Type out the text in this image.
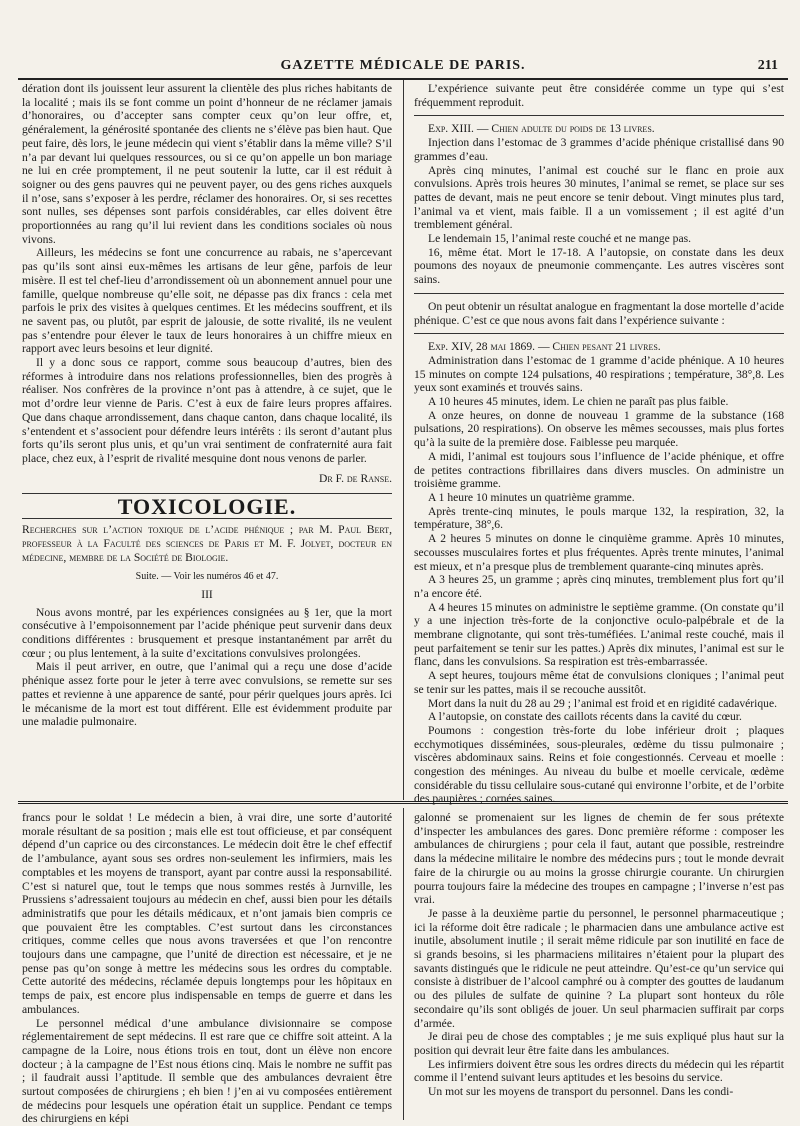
GAZETTE MÉDICALE DE PARIS.	211

dération dont ils jouissent leur assurent la clientèle des plus riches habitants de la localité ; mais ils se font comme un point d’honneur de ne réclamer jamais d’honoraires, ou d’accepter sans compter ceux qu’on leur offre, et, généralement, la générosité spontanée des clients ne s’élève pas bien haut. Que peut faire, dès lors, le jeune médecin qui vient s’établir dans la même ville? S’il n’a par devant lui quelques ressources, ou si ce qu’on appelle un bon mariage ne lui en crée promptement, il ne peut soutenir la lutte, car il est réduit à soigner ou des gens pauvres qui ne peuvent payer, ou des gens riches auxquels il n’ose, sans s’exposer à les perdre, réclamer des honoraires. Or, si ses recettes sont nulles, ses dépenses sont parfois considérables, car elles doivent être proportionnées au rang qu’il lui revient dans les conditions sociales où nous vivons.

Ailleurs, les médecins se font une concurrence au rabais, ne s’apercevant pas qu’ils sont ainsi eux-mêmes les artisans de leur gêne, parfois de leur misère. Il est tel chef-lieu d’arrondissement où un abonnement annuel pour une famille, quelque nombreuse qu’elle soit, ne dépasse pas dix francs : cela met parfois le prix des visites à quelques centimes. Et les médecins souffrent, et ils ne savent pas, ou plutôt, par esprit de jalousie, de sotte rivalité, ils ne veulent pas s’entendre pour élever le taux de leurs honoraires à un chiffre mieux en rapport avec leurs besoins et leur dignité.

Il y a donc sous ce rapport, comme sous beaucoup d’autres, bien des réformes à introduire dans nos relations professionnelles, bien des progrès à réaliser. Nos confrères de la province n’ont pas à attendre, à ce sujet, que le mot d’ordre leur vienne de Paris. C’est à eux de faire leurs propres affaires. Que dans chaque arrondissement, dans chaque canton, dans chaque localité, ils s’entendent et s’associent pour défendre leurs intérêts : ils seront d’autant plus forts qu’ils seront plus unis, et qu’un vrai sentiment de confraternité aura fait place, chez eux, à l’esprit de rivalité mesquine dont nous venons de parler.

Dr F. de Ranse.
TOXICOLOGIE.

Recherches sur l’action toxique de l’acide phénique ; par M. Paul Bert, professeur à la Faculté des sciences de Paris et M. F. Jolyet, docteur en médecine, membre de la Société de Biologie.

Suite. — Voir les numéros 46 et 47.
III

Nous avons montré, par les expériences consignées au § 1er, que la mort consécutive à l’empoisonnement par l’acide phénique peut survenir dans deux conditions différentes : brusquement et presque instantanément par arrêt du cœur ; ou plus lentement, à la suite d’excitations convulsives prolongées.

Mais il peut arriver, en outre, que l’animal qui a reçu une dose d’acide phénique assez forte pour le jeter à terre avec convulsions, se remette sur ses pattes et revienne à une apparence de santé, pour périr quelques jours après. Ici le mécanisme de la mort est tout différent. Elle est évidemment produite par une maladie pulmonaire.

L’expérience suivante peut être considérée comme un type qui s’est fréquemment reproduit.

Exp. XIII. — Chien adulte du poids de 13 livres.

Injection dans l’estomac de 3 grammes d’acide phénique cristallisé dans 90 grammes d’eau.

Après cinq minutes, l’animal est couché sur le flanc en proie aux convulsions. Après trois heures 30 minutes, l’animal se remet, se place sur ses pattes de devant, mais ne peut encore se tenir debout. Vingt minutes plus tard, l’animal va et vient, mais faible. Il a un vomissement ; il est agité d’un tremblement général.

Le lendemain 15, l’animal reste couché et ne mange pas.

16, même état. Mort le 17-18. A l’autopsie, on constate dans les deux poumons des noyaux de pneumonie commençante. Les autres viscères sont sains.

On peut obtenir un résultat analogue en fragmentant la dose mortelle d’acide phénique. C’est ce que nous avons fait dans l’expérience suivante :

Exp. XIV, 28 mai 1869. — Chien pesant 21 livres.

Administration dans l’estomac de 1 gramme d’acide phénique. A 10 heures 15 minutes on compte 124 pulsations, 40 respirations ; température, 38°,8. Les yeux sont examinés et trouvés sains.

A 10 heures 45 minutes, idem. Le chien ne paraît pas plus faible.

A onze heures, on donne de nouveau 1 gramme de la substance (168 pulsations, 20 respirations). On observe les mêmes secousses, mais plus fortes qu’à la suite de la première dose. Faiblesse peu marquée.

A midi, l’animal est toujours sous l’influence de l’acide phénique, et offre de petites contractions fibrillaires dans divers muscles. On administre un troisième gramme.

A 1 heure 10 minutes un quatrième gramme.

Après trente-cinq minutes, le pouls marque 132, la respiration, 32, la température, 38°,6.

A 2 heures 5 minutes on donne le cinquième gramme. Après 10 minutes, secousses musculaires fortes et plus fréquentes. Après trente minutes, l’animal est mieux, et n’a presque plus de tremblement quarante-cinq minutes après.

A 3 heures 25, un gramme ; après cinq minutes, tremblement plus fort qu’il n’a encore été.

A 4 heures 15 minutes on administre le septième gramme. (On constate qu’il y a une injection très-forte de la conjonctive oculo-palpébrale et de la membrane clignotante, qui sont très-tuméfiées. L’animal reste couché, mais il peut parfaitement se tenir sur les pattes.) Après dix minutes, l’animal est sur le flanc, dans les convulsions. Sa respiration est très-embarrassée.

A sept heures, toujours même état de convulsions cloniques ; l’animal peut se tenir sur les pattes, mais il se recouche aussitôt.

Mort dans la nuit du 28 au 29 ; l’animal est froid et en rigidité cadavérique.

A l’autopsie, on constate des caillots récents dans la cavité du cœur.

Poumons : congestion très-forte du lobe inférieur droit ; plaques ecchymotiques disséminées, sous-pleurales, œdème du tissu pulmonaire ; viscères abdominaux sains. Reins et foie congestionnés. Cerveau et moelle : congestion des méninges. Au niveau du bulbe et moelle cervicale, œdème considérable du tissu cellulaire sous-cutané qui environne l’orbite, et de l’orbite des paupières ; cornées saines.

francs pour le soldat ! Le médecin a bien, à vrai dire, une sorte d’autorité morale résultant de sa position ; mais elle est tout officieuse, et par conséquent dépend d’un caprice ou des circonstances. Le médecin doit être le chef effectif de l’ambulance, ayant sous ses ordres non-seulement les infirmiers, mais les comptables et les moyens de transport, ayant par contre aussi la responsabilité. C’est si naturel que, tout le temps que nous sommes restés à Jurnville, les Prussiens s’adressaient toujours au médecin en chef, aussi bien pour les détails administratifs que pour les détails médicaux, et n’ont jamais bien compris ce que pouvaient être les comptables. C’est surtout dans les circonstances critiques, comme celles que nous avons traversées et que l’on rencontre toujours dans une campagne, que l’unité de direction est nécessaire, et je ne pense pas qu’on songe à mettre les médecins sous les ordres du comptable. Cette autorité des médecins, réclamée depuis longtemps pour les hôpitaux en temps de paix, est encore plus indispensable en temps de guerre et dans les ambulances.

Le personnel médical d’une ambulance divisionnaire se compose réglementairement de sept médecins. Il est rare que ce chiffre soit atteint. A la campagne de la Loire, nous étions trois en tout, dont un élève non encore docteur ; à la campagne de l’Est nous étions cinq. Mais le nombre ne suffit pas ; il faudrait aussi l’aptitude. Il semble que des ambulances devraient être surtout composées de chirurgiens ; eh bien ! j’en ai vu composées entièrement de médecins pour lesquels une opération était un supplice. Pendant ce temps des chirurgiens en képi

galonné se promenaient sur les lignes de chemin de fer sous prétexte d’inspecter les ambulances des gares. Donc première réforme : composer les ambulances de chirurgiens ; pour cela il faut, autant que possible, restreindre dans la médecine militaire le nombre des médecins purs ; tout le monde devrait faire de la chirurgie ou au moins la grosse chirurgie courante. Un chirurgien pourra toujours faire la médecine des troupes en campagne ; l’inverse n’est pas vrai.

Je passe à la deuxième partie du personnel, le personnel pharmaceutique ; ici la réforme doit être radicale ; le pharmacien dans une ambulance active est inutile, absolument inutile ; il serait même ridicule par son inutilité en face de si grands besoins, si les pharmaciens militaires n’étaient pour la plupart des savants distingués que le ridicule ne peut atteindre. Qu’est-ce qu’un service qui consiste à distribuer de l’alcool camphré ou à compter des gouttes de laudanum ou des pilules de sulfate de quinine ? La plupart sont honteux du rôle secondaire qu’ils sont obligés de jouer. Un seul pharmacien suffirait par corps d’armée.

Je dirai peu de chose des comptables ; je me suis expliqué plus haut sur la position qui devrait leur être faite dans les ambulances.

Les infirmiers doivent être sous les ordres directs du médecin qui les répartit comme il l’entend suivant leurs aptitudes et les besoins du service.

Un mot sur les moyens de transport du personnel. Dans les condi-
